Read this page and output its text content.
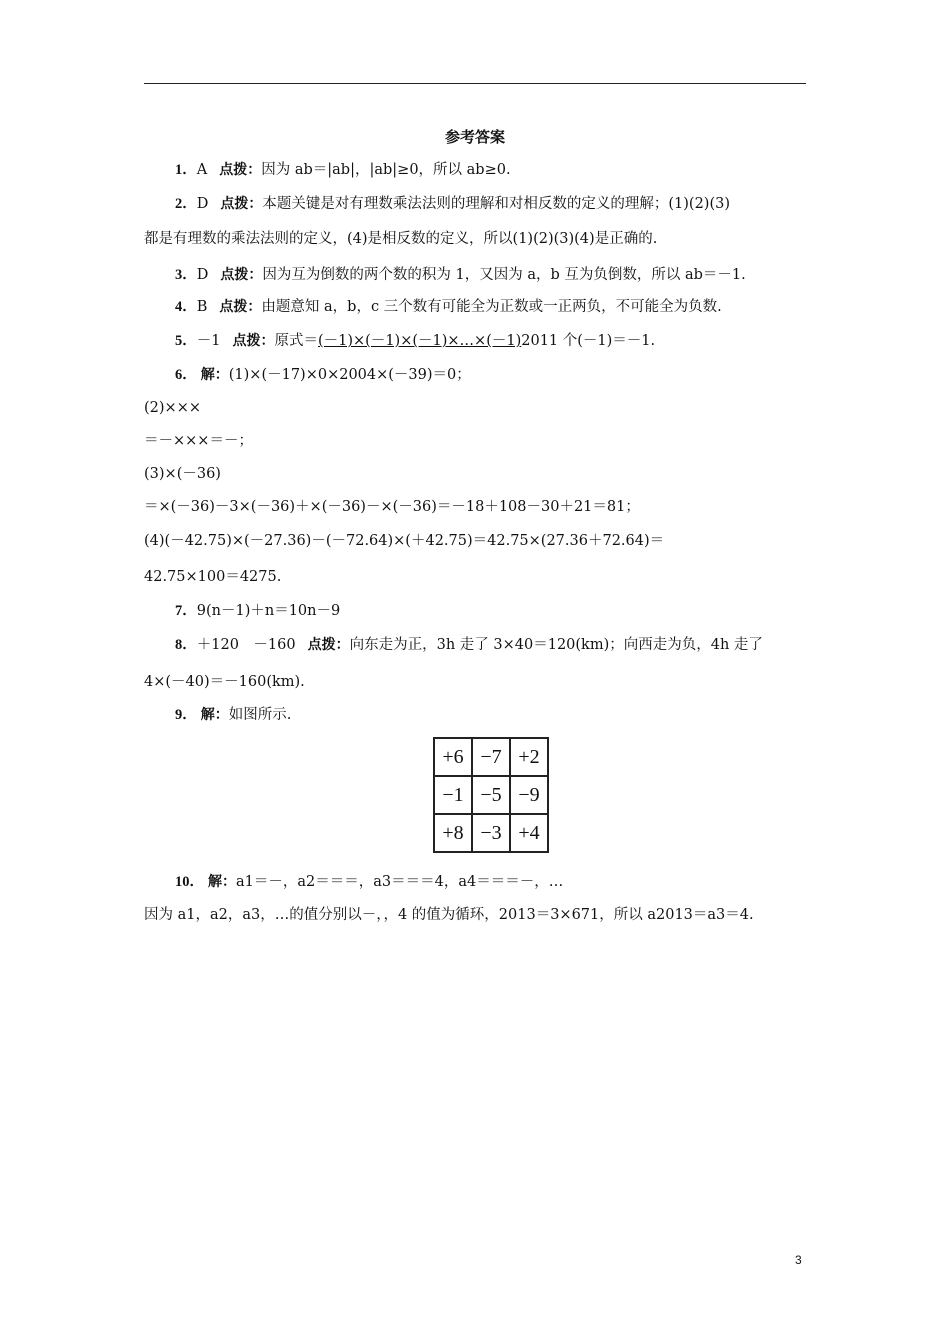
参考答案
1．A 点拨：因为 ab＝|ab|，|ab|≥0，所以 ab≥0.
2．D 点拨：本题关键是对有理数乘法法则的理解和对相反数的定义的理解；(1)(2)(3)
都是有理数的乘法法则的定义，(4)是相反数的定义，所以(1)(2)(3)(4)是正确的.
3．D 点拨：因为互为倒数的两个数的积为 1，又因为 a，b 互为负倒数，所以 ab＝－1.
4．B 点拨：由题意知 a，b，c 三个数有可能全为正数或一正两负，不可能全为负数.
5．－1 点拨：原式＝(－1)×(－1)×(－1)×…×(－1)2011 个(－1)＝－1.
6． 解：(1)×(－17)×0×2004×(－39)＝0；
(2)×××
＝－×××＝－；
(3)×(－36)
＝×(－36)－3×(－36)＋×(－36)－×(－36)＝－18＋108－30＋21＝81；
(4)(－42.75)×(－27.36)－(－72.64)×(＋42.75)＝42.75×(27.36＋72.64)＝
42.75×100＝4275.
7．9(n－1)＋n＝10n－9
8．＋120　－160 点拨：向东走为正，3h 走了 3×40＝120(km)；向西走为负，4h 走了
4×(－40)＝－160(km).
9． 解：如图所示.
+6	−7	+2
−1	−5	−9
+8	−3	+4
10． 解：a1＝－，a2＝＝＝，a3＝＝＝4，a4＝＝＝－，…
因为 a1，a2，a3，…的值分别以－，，4 的值为循环，2013＝3×671，所以 a2013＝a3＝4.
3
